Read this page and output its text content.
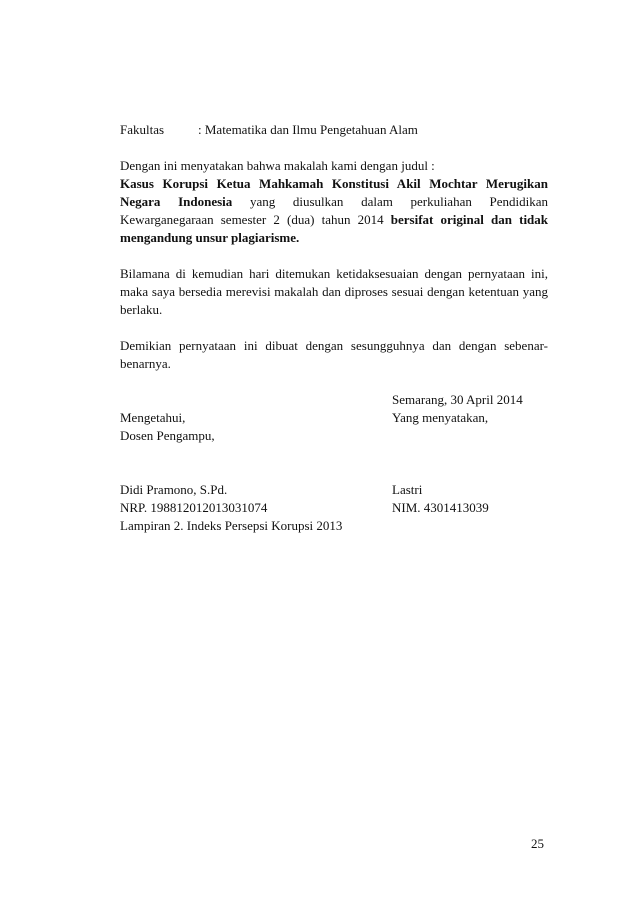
Fakultas	: Matematika dan Ilmu Pengetahuan Alam

Dengan ini menyatakan bahwa makalah kami dengan judul :

Kasus Korupsi Ketua Mahkamah Konstitusi Akil Mochtar Merugikan

Negara Indonesia yang diusulkan dalam perkuliahan Pendidikan

Kewarganegaraan semester 2 (dua) tahun 2014 bersifat original dan tidak

mengandung unsur plagiarisme.

Bilamana di kemudian hari ditemukan ketidaksesuaian dengan pernyataan ini,

maka saya bersedia merevisi makalah dan diproses sesuai dengan ketentuan yang

berlaku.

Demikian pernyataan ini dibuat dengan sesungguhnya dan dengan sebenar-

benarnya.

Semarang, 30 April 2014
Mengetahui,	Yang menyatakan,
Dosen Pengampu,

Didi Pramono, S.Pd.	Lastri
NRP. 198812012013031074	NIM. 4301413039

Lampiran 2. Indeks Persepsi Korupsi 2013

25
